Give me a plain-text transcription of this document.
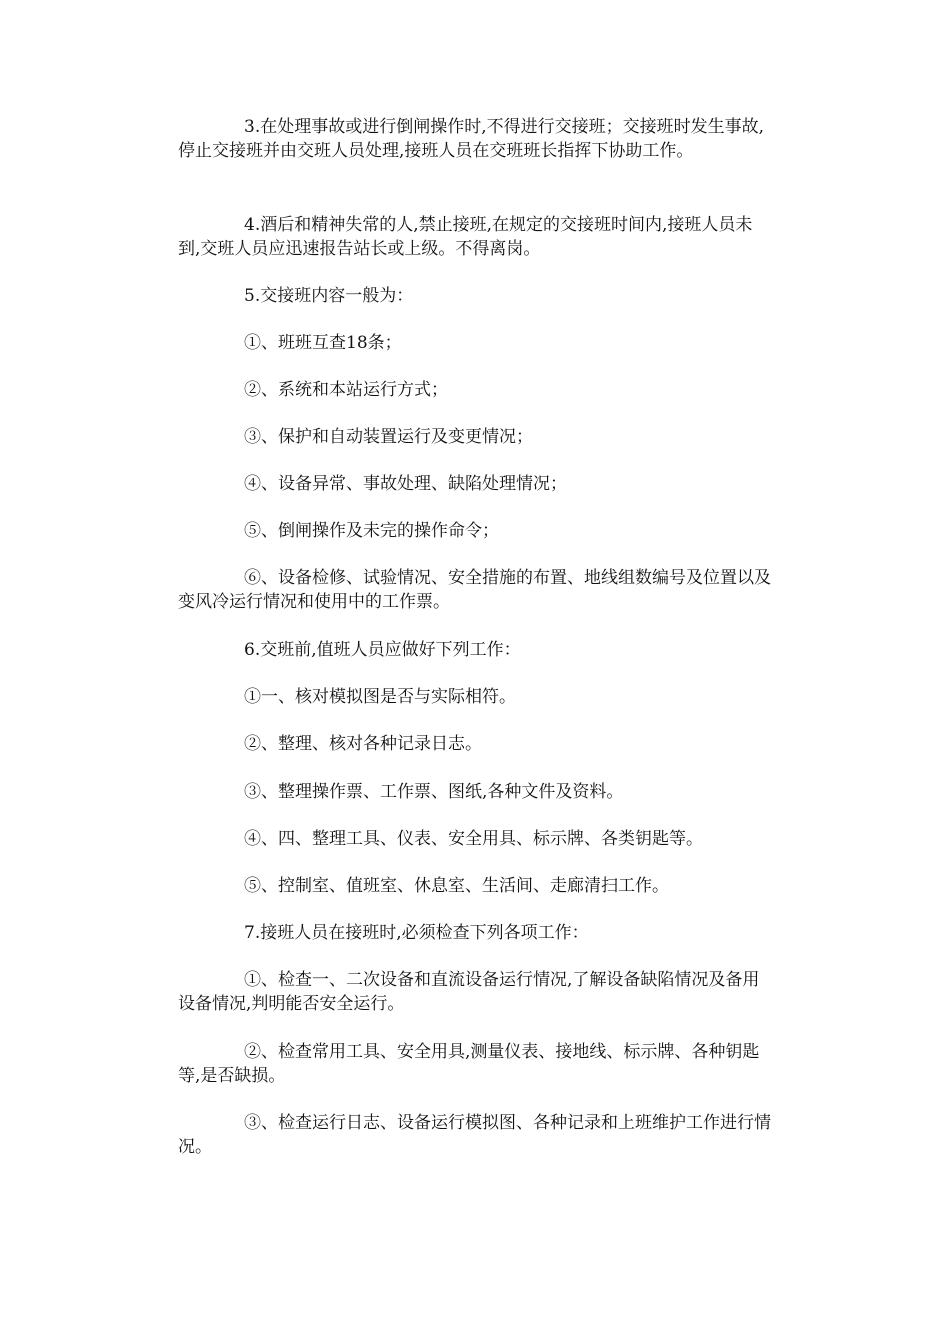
3.在处理事故或进行倒闸操作时,不得进行交接班；交接班时发生事故,停止交接班并由交班人员处理,接班人员在交班班长指挥下协助工作。

4.酒后和精神失常的人,禁止接班,在规定的交接班时间内,接班人员未到,交班人员应迅速报告站长或上级。不得离岗。

5.交接班内容一般为：

①、班班互查18条；

②、系统和本站运行方式；

③、保护和自动装置运行及变更情况；

④、设备异常、事故处理、缺陷处理情况；

⑤、倒闸操作及未完的操作命令；

⑥、设备检修、试验情况、安全措施的布置、地线组数编号及位置以及变风冷运行情况和使用中的工作票。

6.交班前,值班人员应做好下列工作：

①一、核对模拟图是否与实际相符。

②、整理、核对各种记录日志。

③、整理操作票、工作票、图纸,各种文件及资料。

④、四、整理工具、仪表、安全用具、标示牌、各类钥匙等。

⑤、控制室、值班室、休息室、生活间、走廊清扫工作。

7.接班人员在接班时,必须检查下列各项工作：

①、检查一、二次设备和直流设备运行情况,了解设备缺陷情况及备用设备情况,判明能否安全运行。

②、检查常用工具、安全用具,测量仪表、接地线、标示牌、各种钥匙等,是否缺损。

③、检查运行日志、设备运行模拟图、各种记录和上班维护工作进行情况。
